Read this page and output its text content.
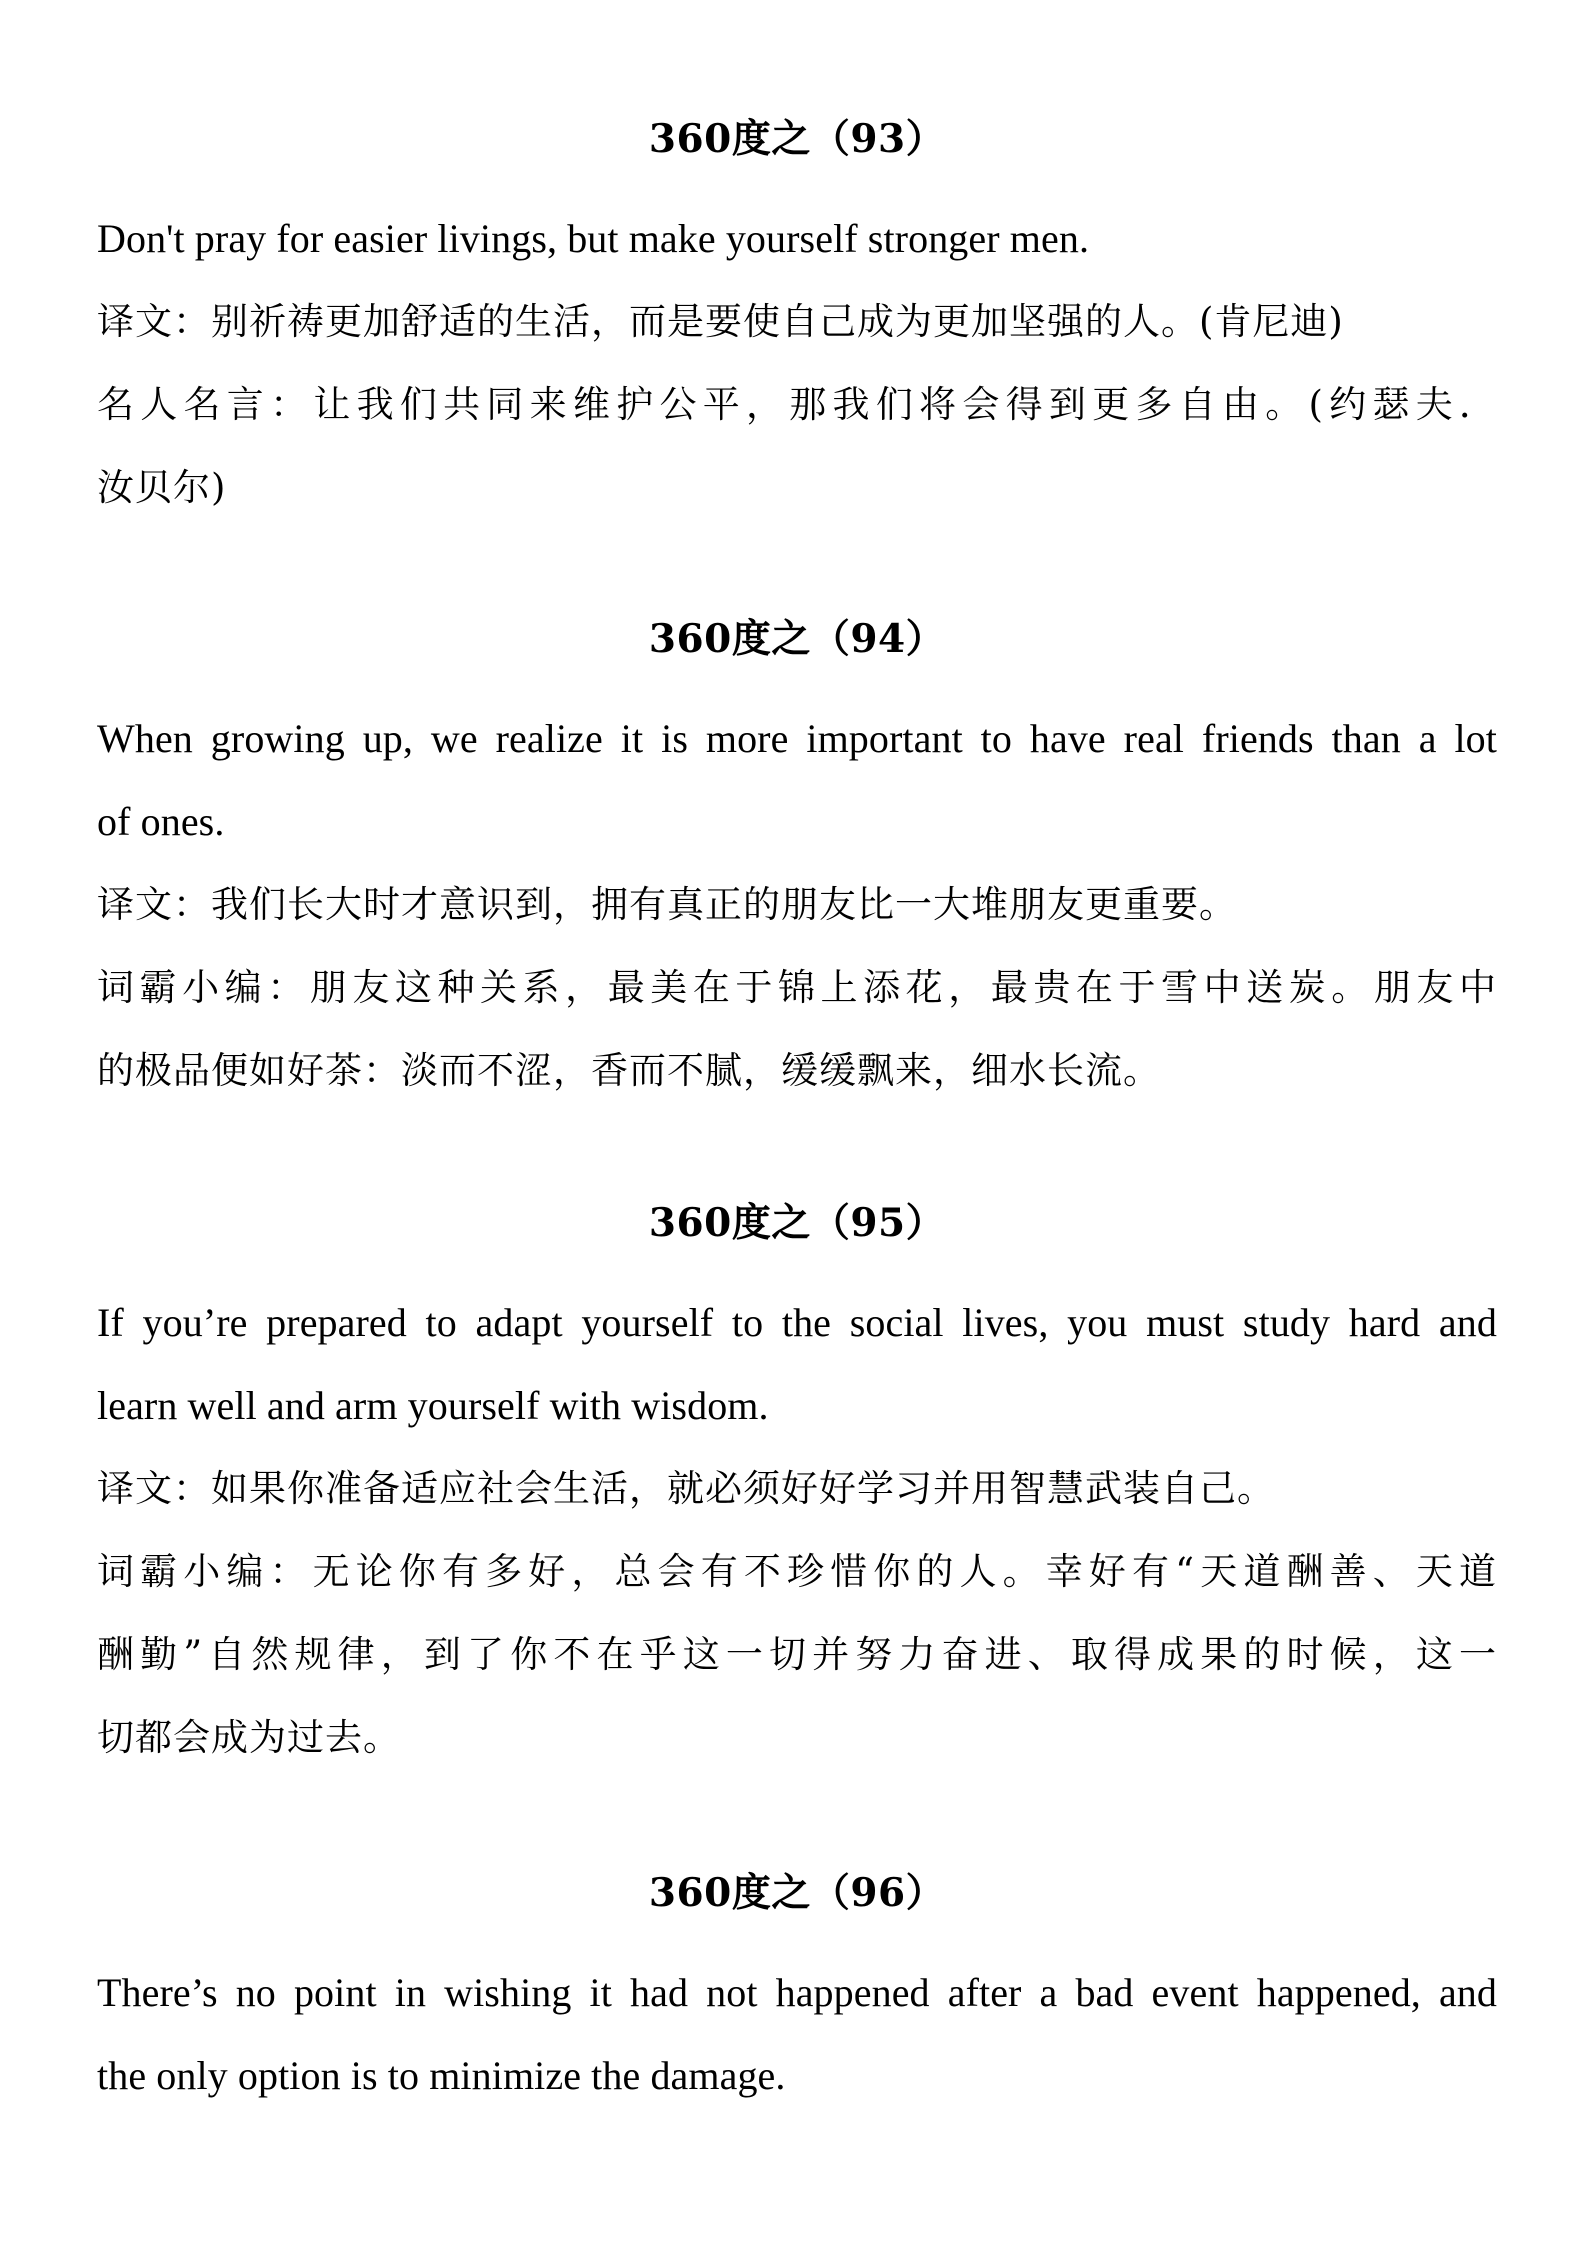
360度之（93）

Don't pray for easier livings, but make yourself stronger men.

译文：别祈祷更加舒适的生活，而是要使自己成为更加坚强的人。(肯尼迪)

名人名言：让我们共同来维护公平，那我们将会得到更多自由。(约瑟夫．

汝贝尔)

360度之（94）

When growing up, we realize it is more important to have real friends than a lot

of ones.

译文：我们长大时才意识到，拥有真正的朋友比一大堆朋友更重要。

词霸小编：朋友这种关系，最美在于锦上添花，最贵在于雪中送炭。朋友中

的极品便如好茶：淡而不涩，香而不腻，缓缓飘来，细水长流。

360度之（95）

If you’re prepared to adapt yourself to the social lives, you must study hard and

learn well and arm yourself with wisdom.

译文：如果你准备适应社会生活，就必须好好学习并用智慧武装自己。

词霸小编：无论你有多好，总会有不珍惜你的人。幸好有“天道酬善、天道

酬勤”自然规律，到了你不在乎这一切并努力奋进、取得成果的时候，这一

切都会成为过去。

360度之（96）

There’s no point in wishing it had not happened after a bad event happened, and

the only option is to minimize the damage.
